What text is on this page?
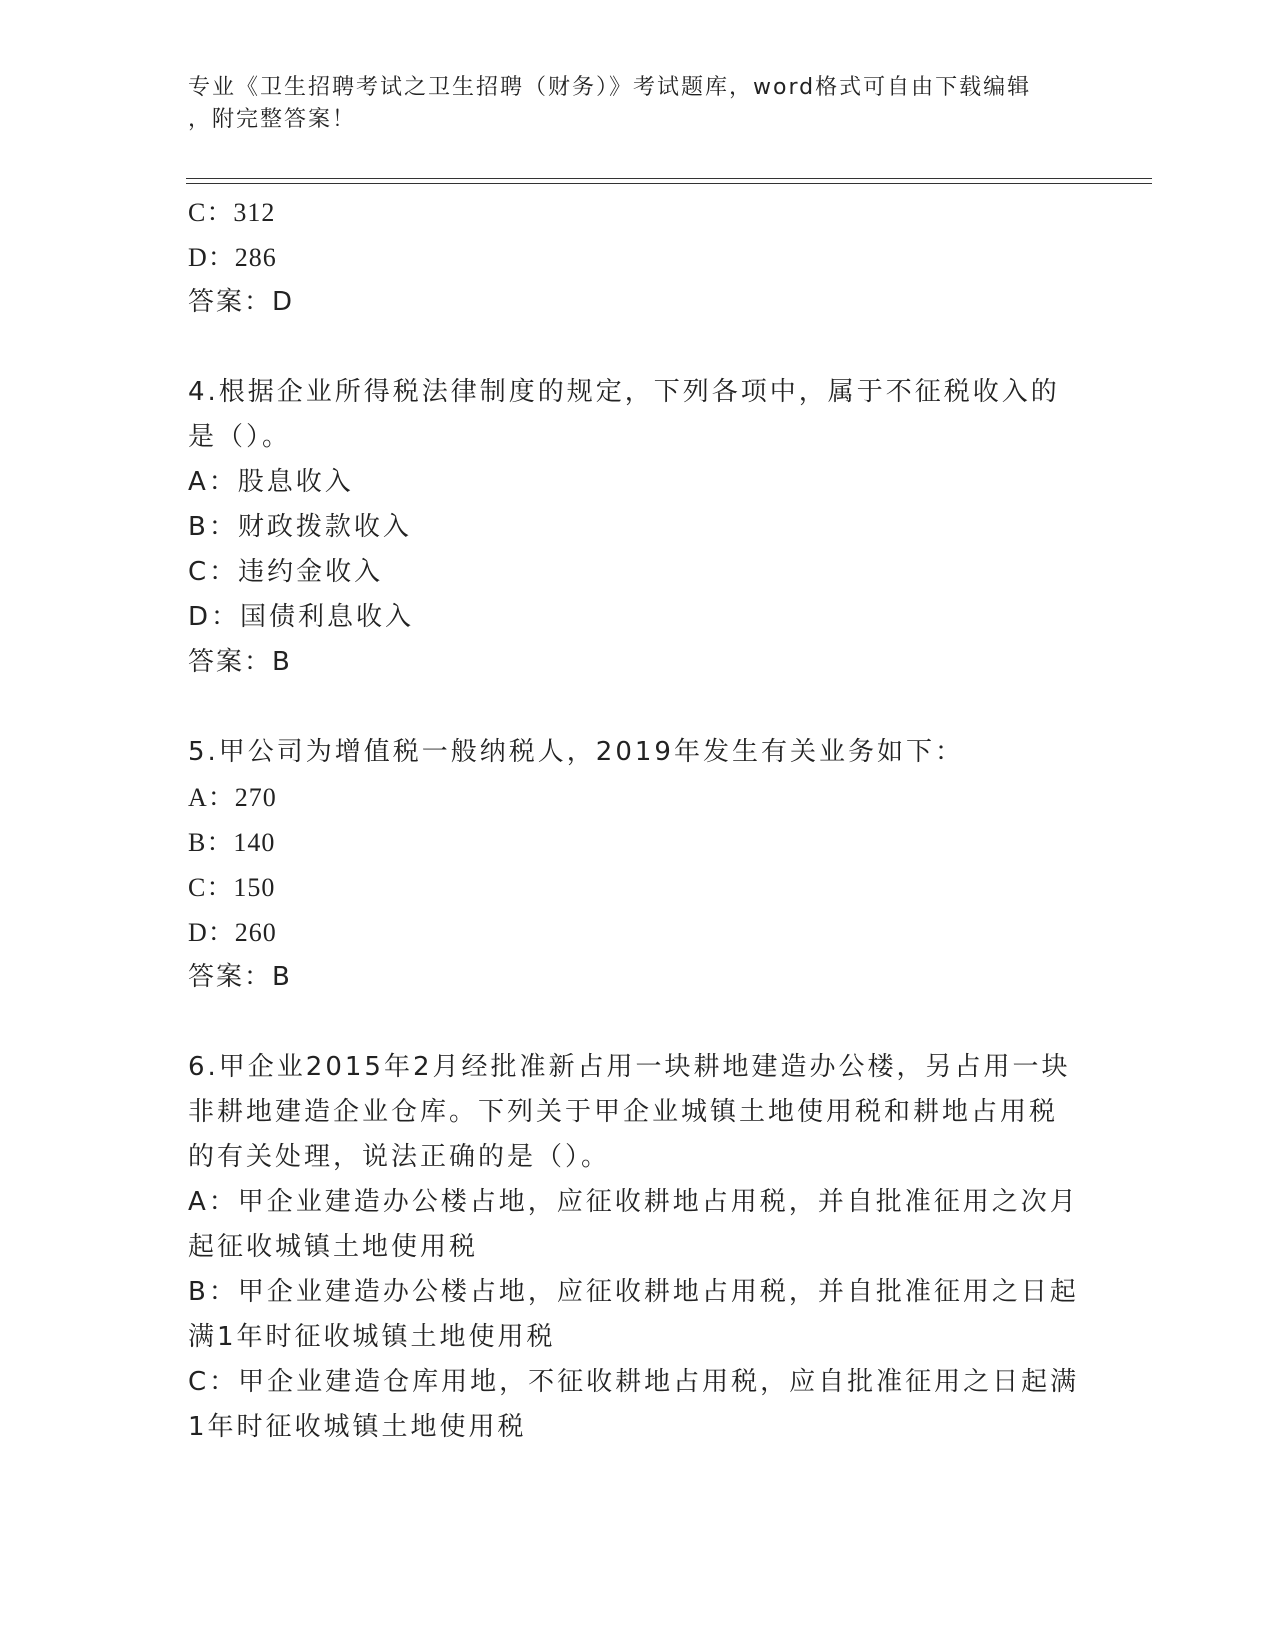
专业《卫生招聘考试之卫生招聘（财务）》考试题库，word格式可自由下载编辑
，附完整答案！
C：312
D：286
答案：D
4.根据企业所得税法律制度的规定，下列各项中，属于不征税收入的
是（）。
A：股息收入
B：财政拨款收入
C：违约金收入
D：国债利息收入
答案：B
5.甲公司为增值税一般纳税人，2019年发生有关业务如下：
A：270
B：140
C：150
D：260
答案：B
6.甲企业2015年2月经批准新占用一块耕地建造办公楼，另占用一块
非耕地建造企业仓库。下列关于甲企业城镇土地使用税和耕地占用税
的有关处理，说法正确的是（）。
A：甲企业建造办公楼占地，应征收耕地占用税，并自批准征用之次月
起征收城镇土地使用税
B：甲企业建造办公楼占地，应征收耕地占用税，并自批准征用之日起
满1年时征收城镇土地使用税
C：甲企业建造仓库用地，不征收耕地占用税，应自批准征用之日起满
1年时征收城镇土地使用税
